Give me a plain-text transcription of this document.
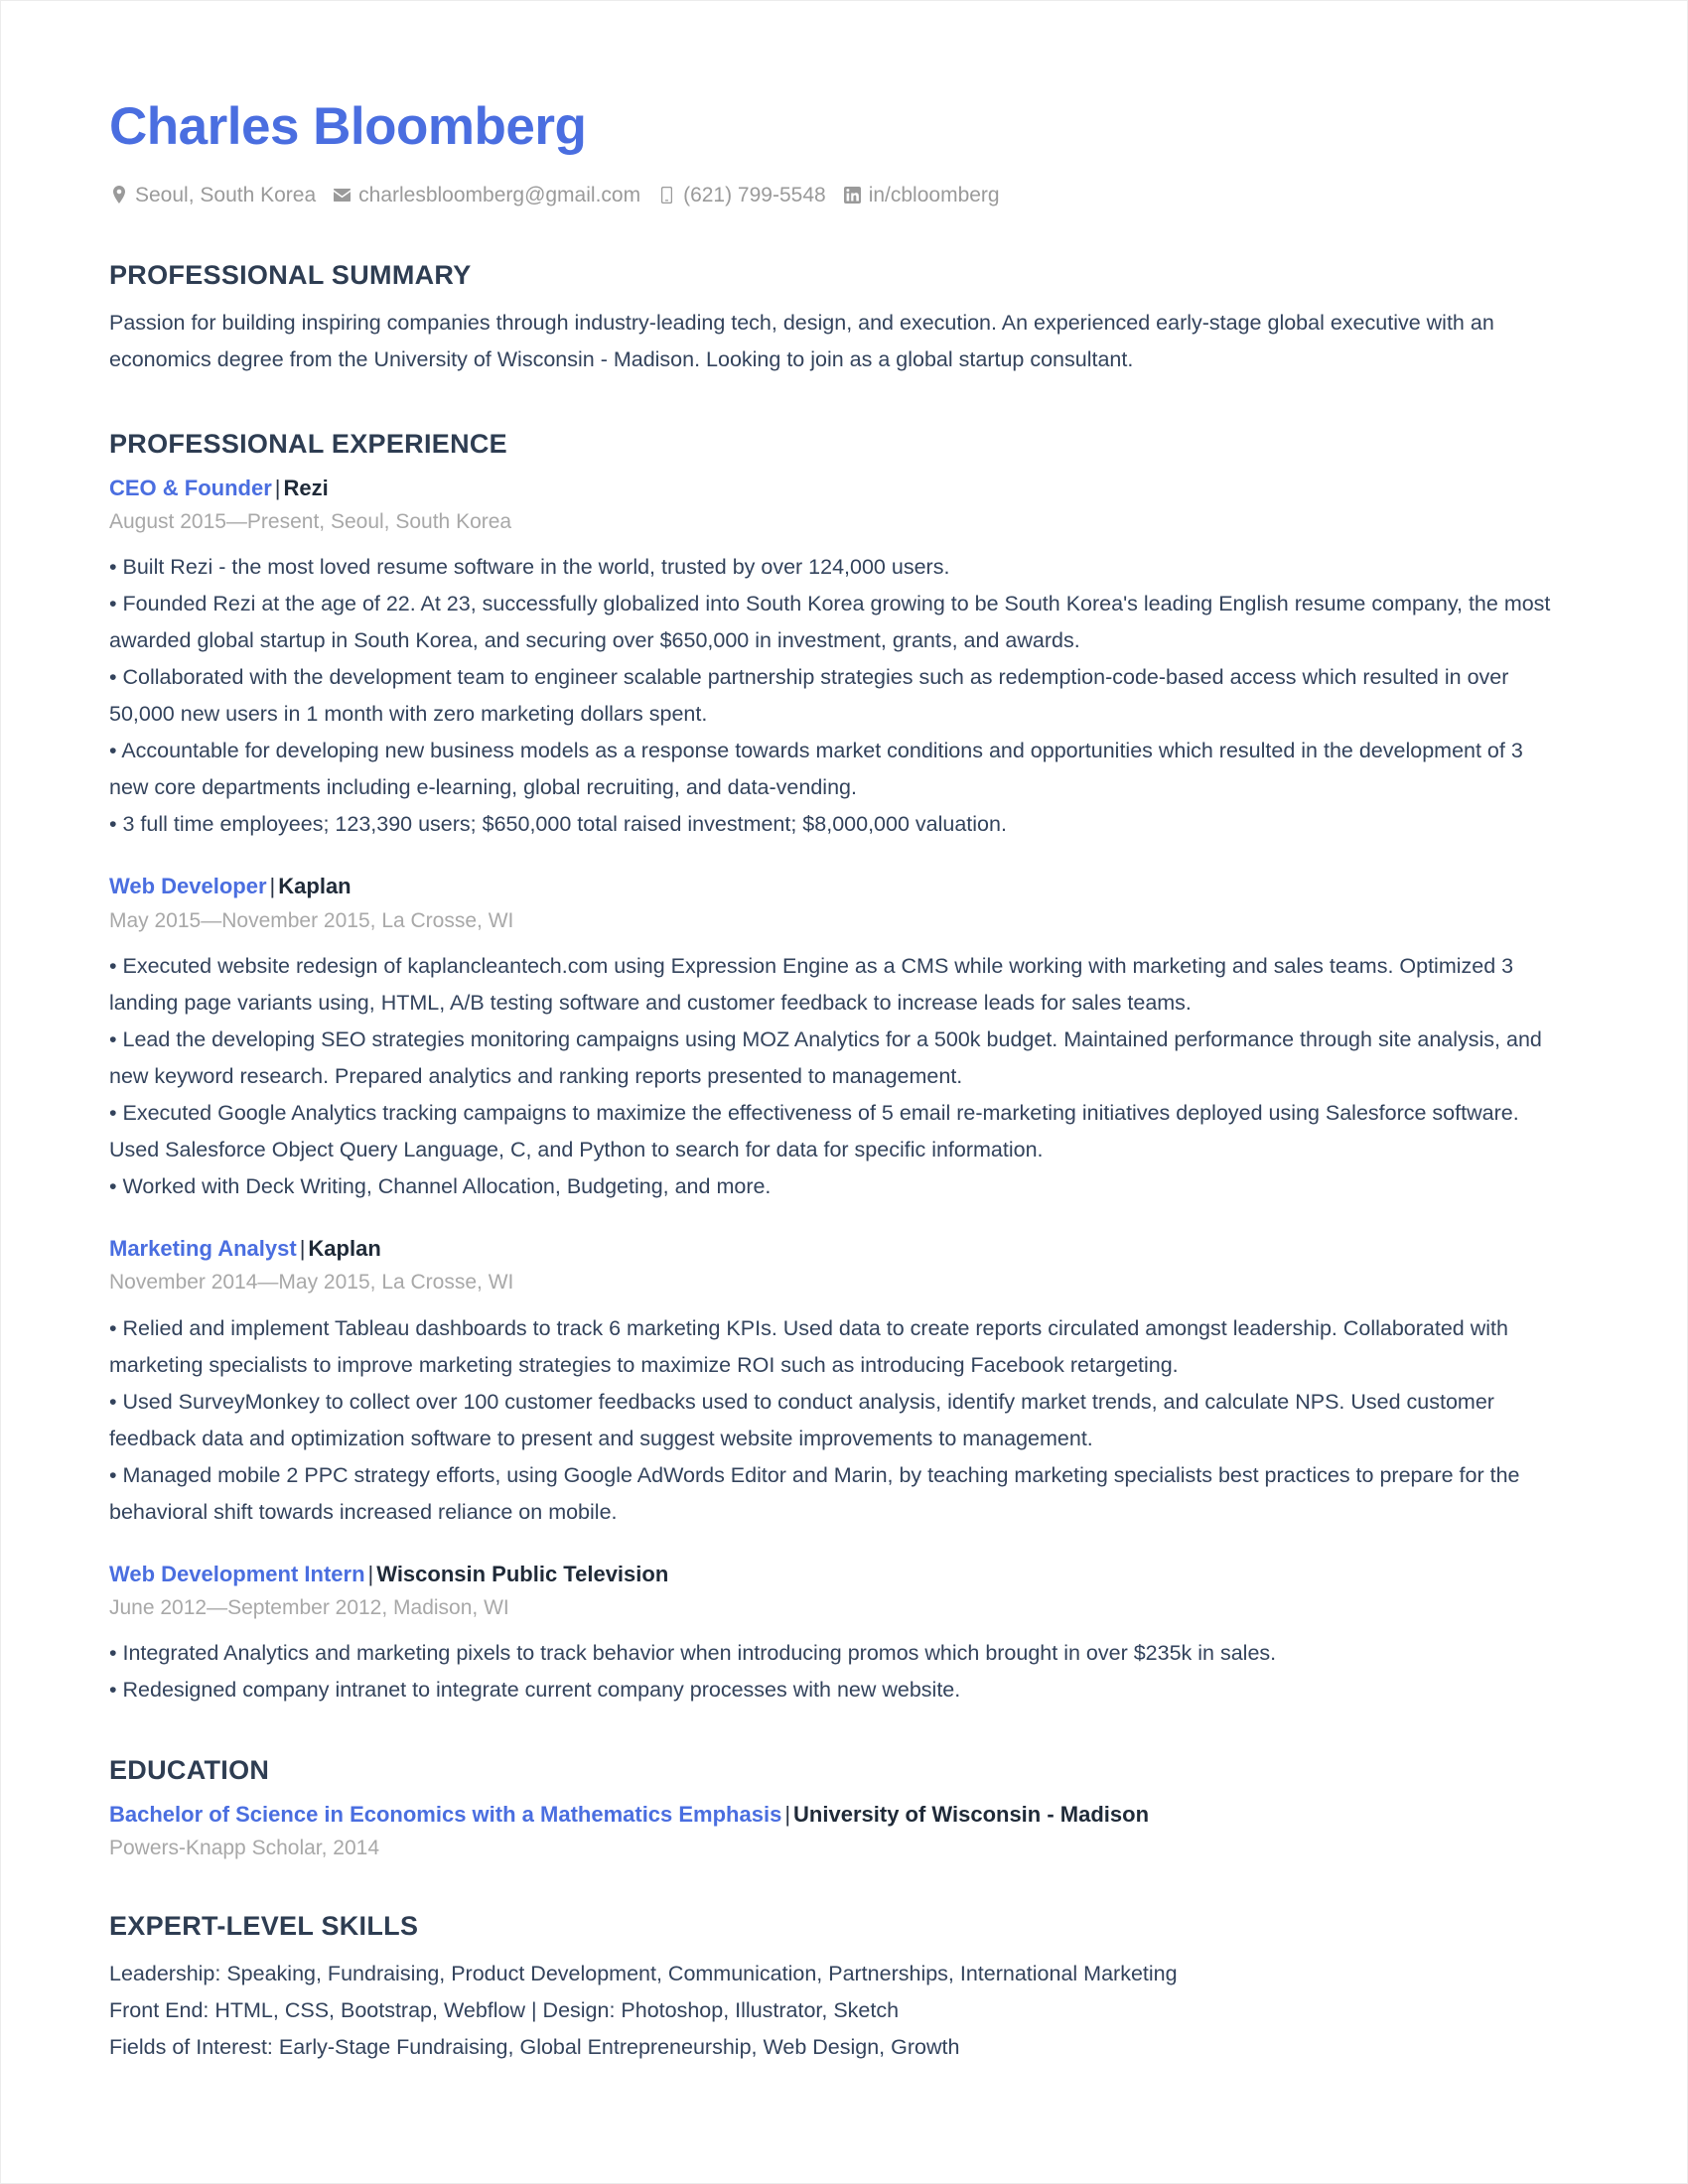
Charles Bloomberg
Seoul, South Korea charlesbloomberg@gmail.com (621) 799-5548 in/cbloomberg
PROFESSIONAL SUMMARY

Passion for building inspiring companies through industry-leading tech, design, and execution. An experienced early-stage global executive with an economics degree from the University of Wisconsin - Madison. Looking to join as a global startup consultant.

PROFESSIONAL EXPERIENCE
CEO & Founder | Rezi
August 2015—Present, Seoul, South Korea

• Built Rezi - the most loved resume software in the world, trusted by over 124,000 users.

• Founded Rezi at the age of 22. At 23, successfully globalized into South Korea growing to be South Korea's leading English resume company, the most awarded global startup in South Korea, and securing over $650,000 in investment, grants, and awards.

• Collaborated with the development team to engineer scalable partnership strategies such as redemption-code-based access which resulted in over 50,000 new users in 1 month with zero marketing dollars spent.

• Accountable for developing new business models as a response towards market conditions and opportunities which resulted in the development of 3 new core departments including e-learning, global recruiting, and data-vending.

• 3 full time employees; 123,390 users; $650,000 total raised investment; $8,000,000 valuation.

Web Developer | Kaplan
May 2015—November 2015, La Crosse, WI

• Executed website redesign of kaplancleantech.com using Expression Engine as a CMS while working with marketing and sales teams. Optimized 3 landing page variants using, HTML, A/B testing software and customer feedback to increase leads for sales teams.

• Lead the developing SEO strategies monitoring campaigns using MOZ Analytics for a 500k budget. Maintained performance through site analysis, and new keyword research. Prepared analytics and ranking reports presented to management.

• Executed Google Analytics tracking campaigns to maximize the effectiveness of 5 email re-marketing initiatives deployed using Salesforce software. Used Salesforce Object Query Language, C, and Python to search for data for specific information.

• Worked with Deck Writing, Channel Allocation, Budgeting, and more.

Marketing Analyst | Kaplan
November 2014—May 2015, La Crosse, WI

• Relied and implement Tableau dashboards to track 6 marketing KPIs. Used data to create reports circulated amongst leadership. Collaborated with marketing specialists to improve marketing strategies to maximize ROI such as introducing Facebook retargeting.

• Used SurveyMonkey to collect over 100 customer feedbacks used to conduct analysis, identify market trends, and calculate NPS. Used customer feedback data and optimization software to present and suggest website improvements to management.

• Managed mobile 2 PPC strategy efforts, using Google AdWords Editor and Marin, by teaching marketing specialists best practices to prepare for the behavioral shift towards increased reliance on mobile.

Web Development Intern | Wisconsin Public Television
June 2012—September 2012, Madison, WI

• Integrated Analytics and marketing pixels to track behavior when introducing promos which brought in over $235k in sales.

• Redesigned company intranet to integrate current company processes with new website.

EDUCATION
Bachelor of Science in Economics with a Mathematics Emphasis | University of Wisconsin - Madison
Powers-Knapp Scholar, 2014
EXPERT-LEVEL SKILLS

Leadership: Speaking, Fundraising, Product Development, Communication, Partnerships, International Marketing

Front End: HTML, CSS, Bootstrap, Webflow | Design: Photoshop, Illustrator, Sketch

Fields of Interest: Early-Stage Fundraising, Global Entrepreneurship, Web Design, Growth
